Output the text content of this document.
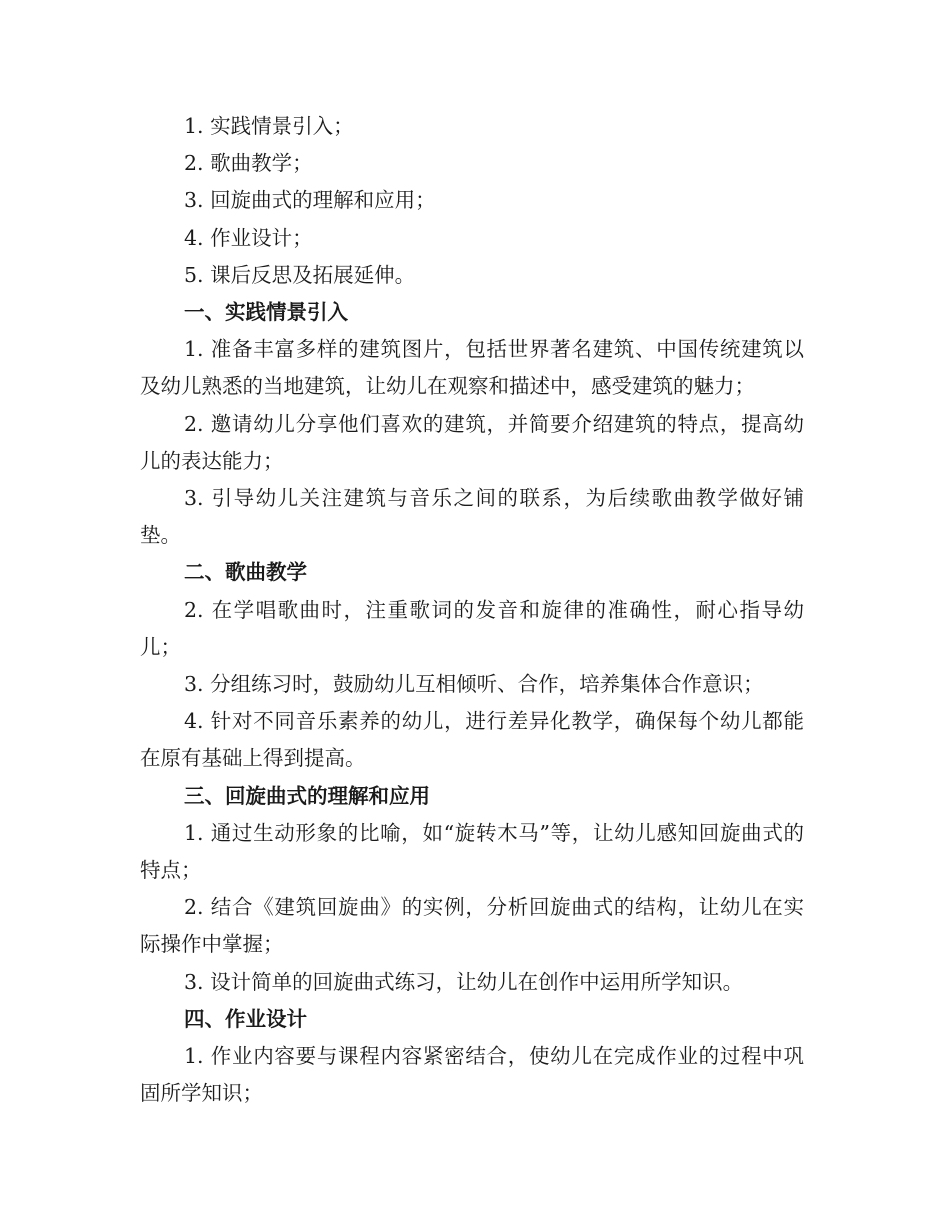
1. 实践情景引入；

2. 歌曲教学；

3. 回旋曲式的理解和应用；

4. 作业设计；

5. 课后反思及拓展延伸。

一、实践情景引入

1. 准备丰富多样的建筑图片，包括世界著名建筑、中国传统建筑以及幼儿熟悉的当地建筑，让幼儿在观察和描述中，感受建筑的魅力；

2. 邀请幼儿分享他们喜欢的建筑，并简要介绍建筑的特点，提高幼儿的表达能力；

3. 引导幼儿关注建筑与音乐之间的联系，为后续歌曲教学做好铺垫。

二、歌曲教学

2. 在学唱歌曲时，注重歌词的发音和旋律的准确性，耐心指导幼儿；

3. 分组练习时，鼓励幼儿互相倾听、合作，培养集体合作意识；

4. 针对不同音乐素养的幼儿，进行差异化教学，确保每个幼儿都能在原有基础上得到提高。

三、回旋曲式的理解和应用

1. 通过生动形象的比喻，如“旋转木马”等，让幼儿感知回旋曲式的特点；

2. 结合《建筑回旋曲》的实例，分析回旋曲式的结构，让幼儿在实际操作中掌握；

3. 设计简单的回旋曲式练习，让幼儿在创作中运用所学知识。

四、作业设计

1. 作业内容要与课程内容紧密结合，使幼儿在完成作业的过程中巩固所学知识；
